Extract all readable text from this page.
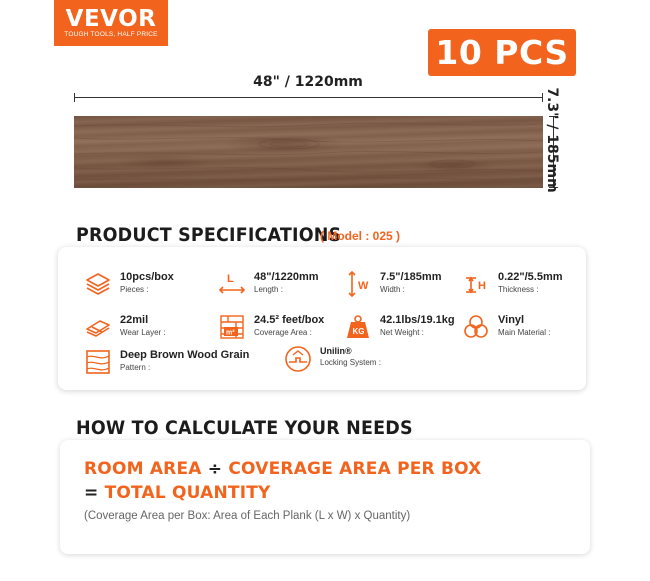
VEVOR
TOUGH TOOLS, HALF PRICE	10 PCS
48" / 1220mm
7.3" / 185mm
PRODUCT SPECIFICATIONS
( Model : 025 )
10pcs/box
Pieces :
L 48"/1220mm
Length :	W
7.5"/185mm
Width :	H
0.22"/5.5mm
Thickness :
22mil
Wear Layer :	m²
24.5² feet/box
Coverage Area :	KG
42.1lbs/19.1kg
Net Weight :
Vinyl
Main Material :
Deep Brown Wood Grain
Pattern :
Unilin®
Locking System :
HOW TO CALCULATE YOUR NEEDS
ROOM AREA ÷ COVERAGE AREA PER BOX
= TOTAL QUANTITY
(Coverage Area per Box: Area of Each Plank (L x W) x Quantity)
